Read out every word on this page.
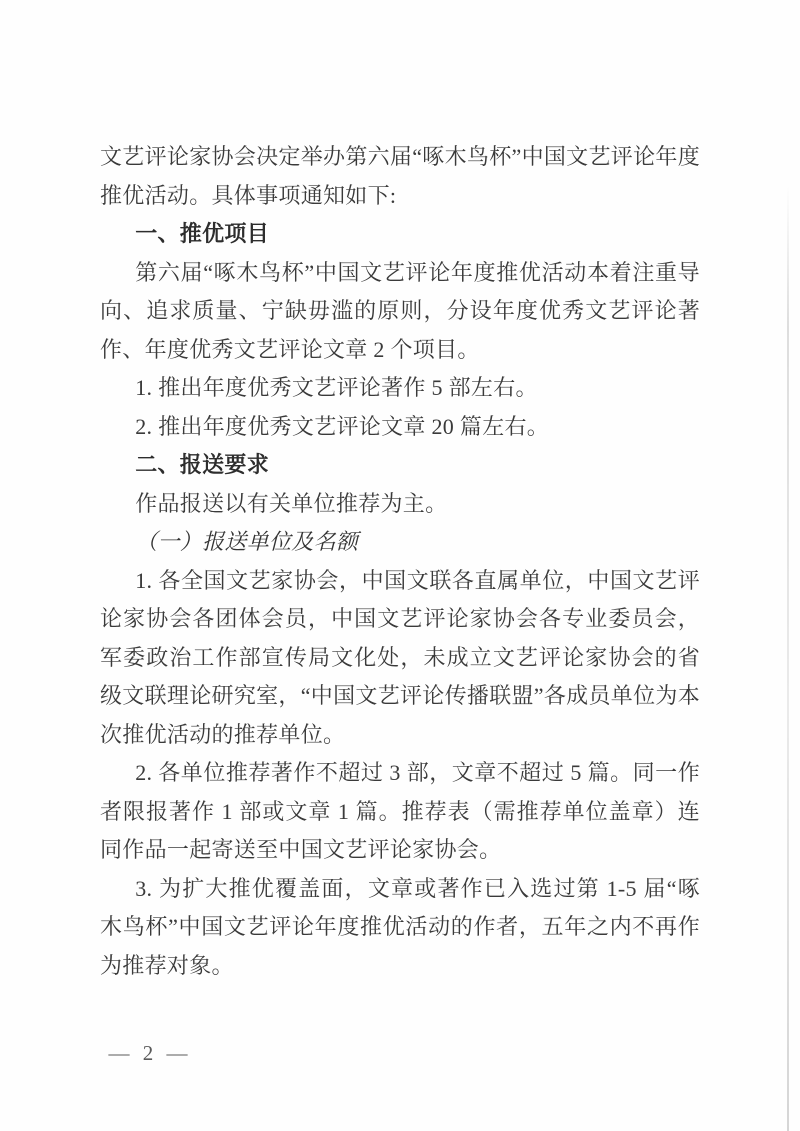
文艺评论家协会决定举办第六届“啄木鸟杯”中国文艺评论年度推优活动。具体事项通知如下:

一、推优项目

第六届“啄木鸟杯”中国文艺评论年度推优活动本着注重导向、追求质量、宁缺毋滥的原则，分设年度优秀文艺评论著作、年度优秀文艺评论文章 2 个项目。

1. 推出年度优秀文艺评论著作 5 部左右。

2. 推出年度优秀文艺评论文章 20 篇左右。

二、报送要求

作品报送以有关单位推荐为主。

（一）报送单位及名额

1. 各全国文艺家协会，中国文联各直属单位，中国文艺评论家协会各团体会员，中国文艺评论家协会各专业委员会，军委政治工作部宣传局文化处，未成立文艺评论家协会的省级文联理论研究室，“中国文艺评论传播联盟”各成员单位为本次推优活动的推荐单位。

2. 各单位推荐著作不超过 3 部，文章不超过 5 篇。同一作者限报著作 1 部或文章 1 篇。推荐表（需推荐单位盖章）连同作品一起寄送至中国文艺评论家协会。

3. 为扩大推优覆盖面，文章或著作已入选过第 1-5 届“啄木鸟杯”中国文艺评论年度推优活动的作者，五年之内不再作为推荐对象。

— 2 —
